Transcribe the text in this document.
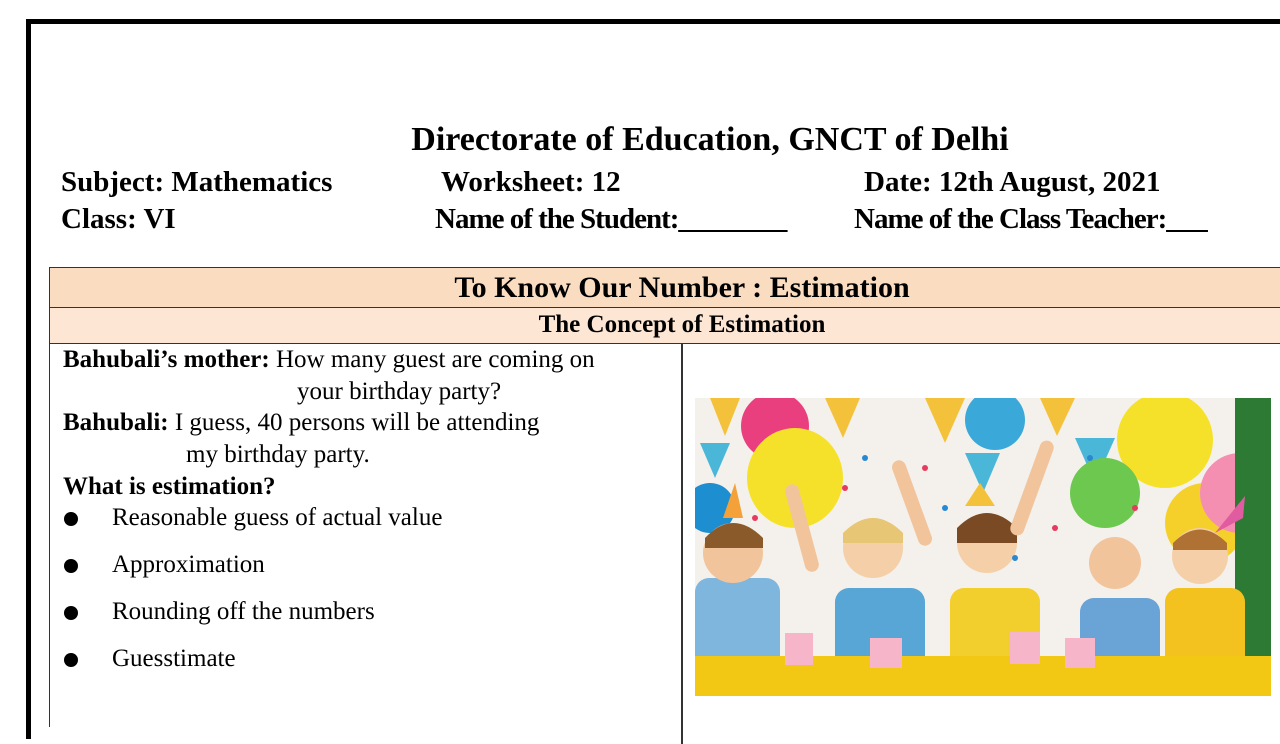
Directorate of Education, GNCT of Delhi
Subject: Mathematics	Worksheet: 12	Date: 12th August, 2021
Class: VI	Name of the Student:________ Name of the Class Teacher:___
To Know Our Number : Estimation
The Concept of Estimation
Bahubali’s mother: How many guest are coming on
your birthday party?
Bahubali: I guess, 40 persons will be attending
my birthday party.
What is estimation?
Reasonable guess of actual value
Approximation
Rounding off the numbers
Guesstimate
